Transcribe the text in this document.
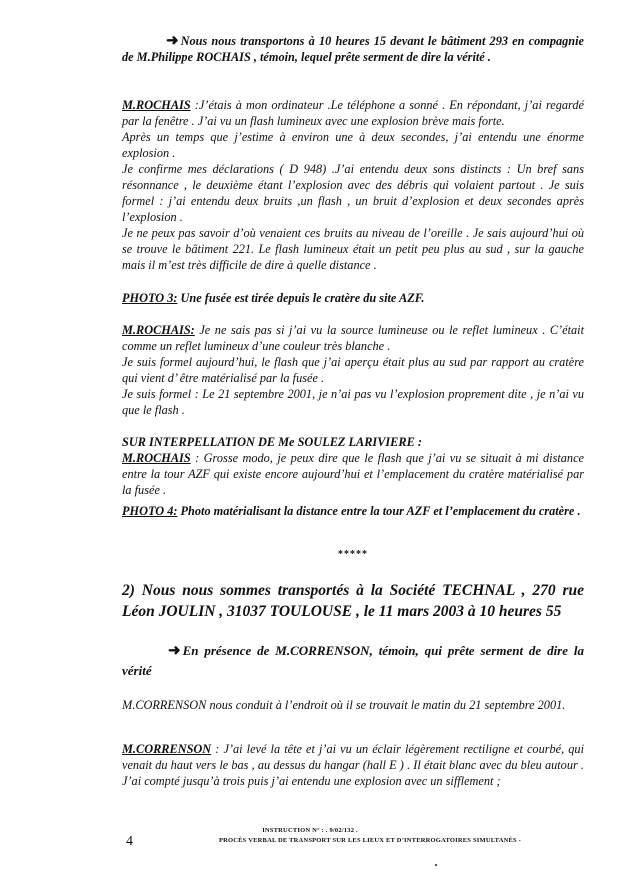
➜ Nous nous transportons à 10 heures 15 devant le bâtiment 293 en compagnie de M.Philippe ROCHAIS , témoin, lequel prête serment de dire la vérité .
M.ROCHAIS :J’étais à mon ordinateur .Le téléphone a sonné . En répondant, j’ai regardé par la fenêtre . J’ai vu un flash lumineux avec une explosion brève mais forte.
Après un temps que j’estime à environ une à deux secondes, j’ai entendu une énorme explosion .
Je confirme mes déclarations ( D 948) .J’ai entendu deux sons distincts : Un bref sans résonnance , le deuxième étant l’explosion avec des débris qui volaient partout . Je suis formel : j’ai entendu deux bruits ,un flash , un bruit d’explosion et deux secondes après l’explosion .
Je ne peux pas savoir d’où venaient ces bruits au niveau de l’oreille . Je sais aujourd’hui où se trouve le bâtiment 221. Le flash lumineux était un petit peu plus au sud , sur la gauche mais il m’est très difficile de dire à quelle distance .
PHOTO 3: Une fusée est tirée depuis le cratère du site AZF.
M.ROCHAIS: Je ne sais pas si j’ai vu la source lumineuse ou le reflet lumineux . C’était comme un reflet lumineux d’une couleur très blanche .
Je suis formel aujourd’hui, le flash que j’ai aperçu était plus au sud par rapport au cratère qui vient d’ être matérialisé par la fusée .
Je suis formel : Le 21 septembre 2001, je n’ai pas vu l’explosion proprement dite , je n’ai vu que le flash .
SUR INTERPELLATION DE Me SOULEZ LARIVIERE :
M.ROCHAIS : Grosse modo, je peux dire que le flash que j’ai vu se situait à mi distance entre la tour AZF qui existe encore aujourd’hui et l’emplacement du cratère matérialisé par la fusée .
PHOTO 4: Photo matérialisant la distance entre la tour AZF et l’emplacement du cratère .
*****
2) Nous nous sommes transportés à la Société TECHNAL , 270 rue Léon JOULIN , 31037 TOULOUSE , le 11 mars 2003 à 10 heures 55
➜ En présence de M.CORRENSON, témoin, qui prête serment de dire la vérité
M.CORRENSON nous conduit à l’endroit où il se trouvait le matin du 21 septembre 2001.
M.CORRENSON : J’ai levé la tête et j’ai vu un éclair légèrement rectiligne et courbé, qui venait du haut vers le bas , au dessus du hangar (hall E ) . Il était blanc avec du bleu autour . J’ai compté jusqu’à trois puis j’ai entendu une explosion avec un sifflement ;
4
INSTRUCTION N° : . 9/02/132 .
PROCÈS VERBAL DE TRANSPORT SUR LES LIEUX ET D’INTERROGATOIRES SIMULTANÉS -
